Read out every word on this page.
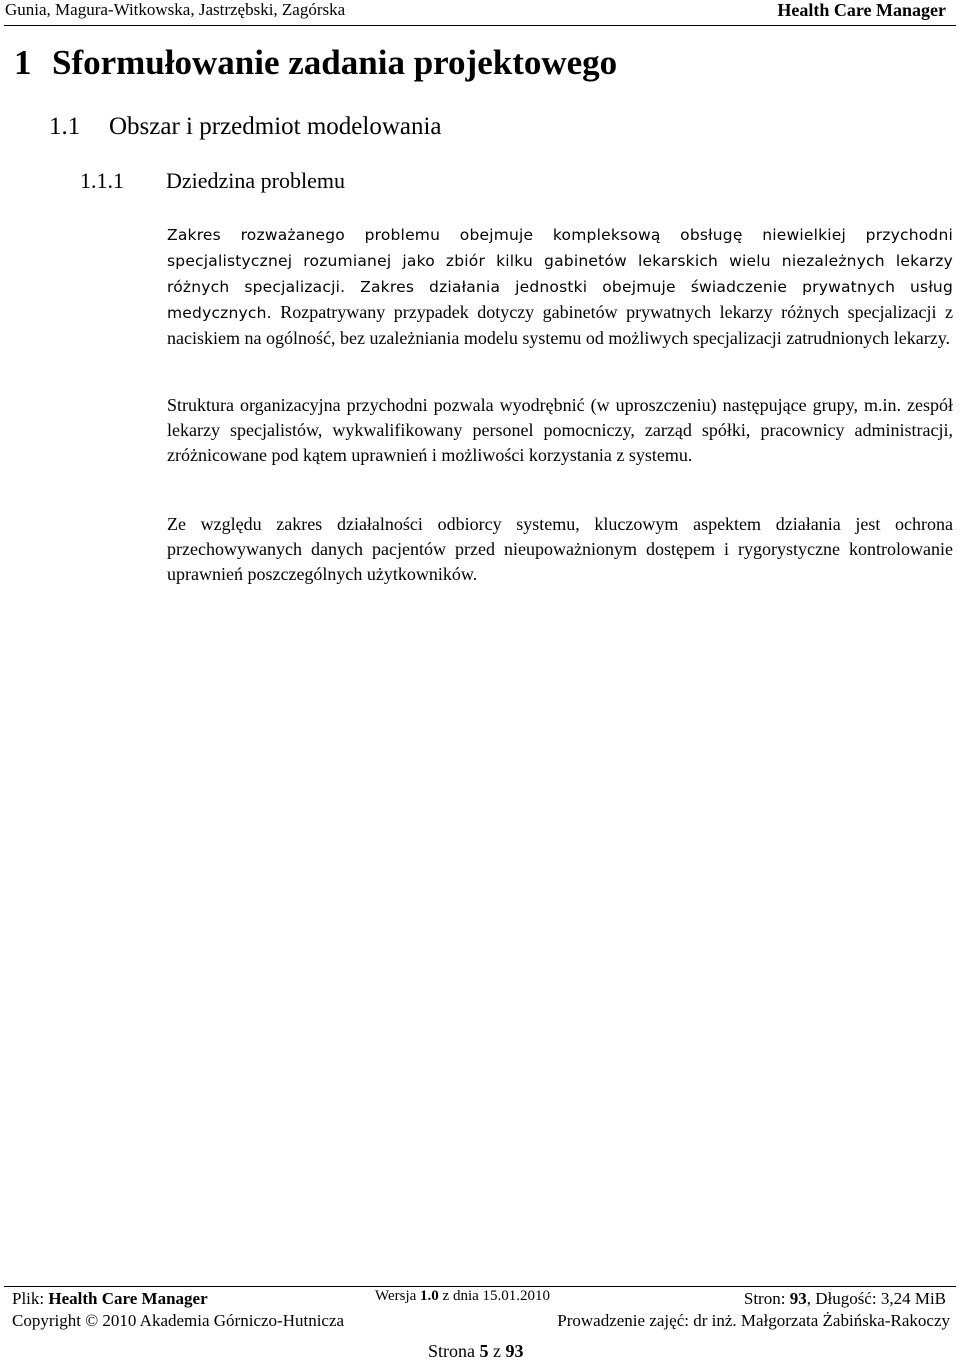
Gunia, Magura-Witkowska, Jastrzębski, Zagórska	Health Care Manager
1 Sformułowanie zadania projektowego
1.1 Obszar i przedmiot modelowania
1.1.1 Dziedzina problemu
Zakres rozważanego problemu obejmuje kompleksową obsługę niewielkiej przychodni specjalistycznej rozumianej jako zbiór kilku gabinetów lekarskich wielu niezależnych lekarzy różnych specjalizacji. Zakres działania jednostki obejmuje świadczenie prywatnych usług medycznych. Rozpatrywany przypadek dotyczy gabinetów prywatnych lekarzy różnych specjalizacji z naciskiem na ogólność, bez uzależniania modelu systemu od możliwych specjalizacji zatrudnionych lekarzy.
Struktura organizacyjna przychodni pozwala wyodrębnić (w uproszczeniu) następujące grupy, m.in. zespół lekarzy specjalistów, wykwalifikowany personel pomocniczy, zarząd spółki, pracownicy administracji, zróżnicowane pod kątem uprawnień i możliwości korzystania z systemu.
Ze względu zakres działalności odbiorcy systemu, kluczowym aspektem działania jest ochrona przechowywanych danych pacjentów przed nieupoważnionym dostępem i rygorystyczne kontrolowanie uprawnień poszczególnych użytkowników.
Plik: Health Care Manager	Wersja 1.0 z dnia 15.01.2010	Stron: 93, Długość: 3,24 MiB
Copyright © 2010 Akademia Górniczo-Hutnicza	Prowadzenie zajęć: dr inż. Małgorzata Żabińska-Rakoczy
Strona 5 z 93
